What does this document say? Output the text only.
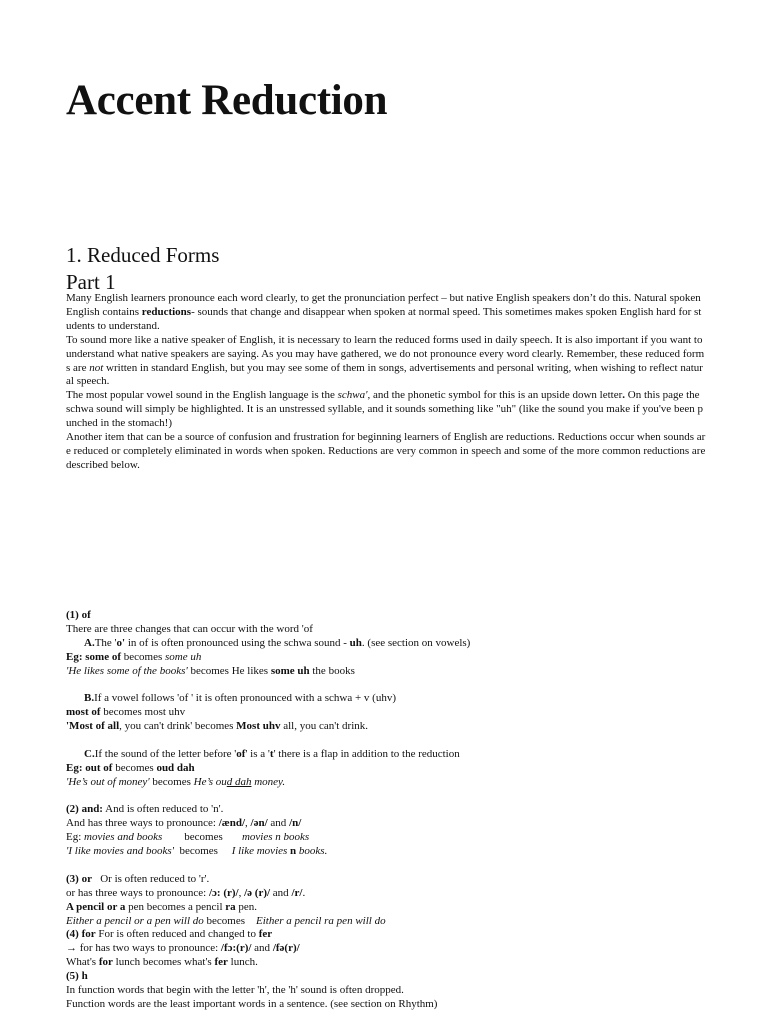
Accent Reduction
1. Reduced Forms
Part 1

Many English learners pronounce each word clearly, to get the pronunciation perfect – but native English speakers don’t do this. Natural spoken English contains reductions- sounds that change and disappear when spoken at normal speed. This sometimes makes spoken English hard for students to understand.

To sound more like a native speaker of English, it is necessary to learn the reduced forms used in daily speech. It is also important if you want to understand what native speakers are saying. As you may have gathered, we do not pronounce every word clearly. Remember, these reduced forms are not written in standard English, but you may see some of them in songs, advertisements and personal writing, when wishing to reflect natural speech.

The most popular vowel sound in the English language is the schwa', and the phonetic symbol for this is an upside down letter. On this page the schwa sound will simply be highlighted. It is an unstressed syllable, and it sounds something like "uh" (like the sound you make if you've been punched in the stomach!)

Another item that can be a source of confusion and frustration for beginning learners of English are reductions. Reductions occur when sounds are reduced or completely eliminated in words when spoken. Reductions are very common in speech and some of the more common reductions are described below.

(1) of
There are three changes that can occur with the word 'of
A.The 'o' in of is often pronounced using the schwa sound - uh. (see section on vowels)
Eg: some of becomes some uh
'He likes some of the books' becomes He likes some uh the books
B.If a vowel follows 'of ' it is often pronounced with a schwa + v (uhv)
most of becomes most uhv
'Most of all, you can't drink' becomes Most uhv all, you can't drink.
C.If the sound of the letter before 'of' is a 't' there is a flap in addition to the reduction
Eg: out of becomes oud dah
'He’s out of money' becomes He’s oud dah money.
(2) and: And is often reduced to 'n'.
And has three ways to pronounce: /ænd/, /ən/ and /n/
Eg: movies and books        becomes       movies n books
'I like movies and books'  becomes     I like movies n books.
(3) or   Or is often reduced to 'r'.
or has three ways to pronounce: /ɔ: (r)/, /ə (r)/ and /r/.
A pencil or a pen becomes a pencil ra pen.
Either a pencil or a pen will do becomes    Either a pencil ra pen will do
(4) for For is often reduced and changed to fer
→ for has two ways to pronounce: /fɔ:(r)/ and /fə(r)/
What's for lunch becomes what's fer lunch.
(5) h
In function words that begin with the letter 'h', the 'h' sound is often dropped.
Function words are the least important words in a sentence. (see section on Rhythm)
